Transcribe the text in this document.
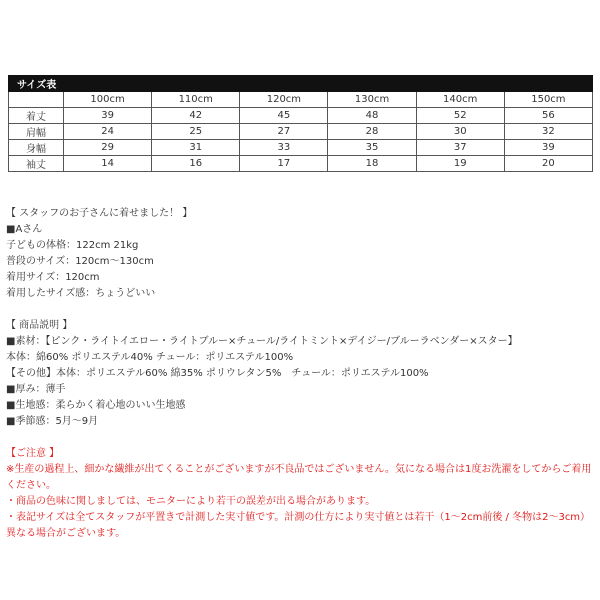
サイズ表						
	100cm	110cm	120cm	130cm	140cm	150cm
着丈	39	42	45	48	52	56
肩幅	24	25	27	28	30	32
身幅	29	31	33	35	37	39
袖丈	14	16	17	18	19	20

【 スタッフのお子さんに着せました！ 】

■Aさん

子どもの体格：122cm 21kg

普段のサイズ：120cm〜130cm

着用サイズ：120cm

着用したサイズ感：ちょうどいい

【 商品説明 】

■素材：【ピンク・ライトイエロー・ライトブルー×チュール/ライトミント×デイジー/ブルーラベンダー×スター】

本体：綿60% ポリエステル40% チュール：ポリエステル100%

【その他】本体：ポリエステル60% 綿35% ポリウレタン5%　チュール：ポリエステル100%

■厚み：薄手

■生地感：柔らかく着心地のいい生地感

■季節感：5月〜9月

【ご注意 】

※生産の過程上、細かな繊維が出てくることがございますが不良品ではございません。気になる場合は1度お洗濯をしてからご着用ください。

・商品の色味に関しましては、モニターにより若干の誤差が出る場合があります。

・表記サイズは全てスタッフが平置きで計測した実寸値です。計測の仕方により実寸値とは若干（1〜2cm前後 / 冬物は2〜3cm）異なる場合がございます。
